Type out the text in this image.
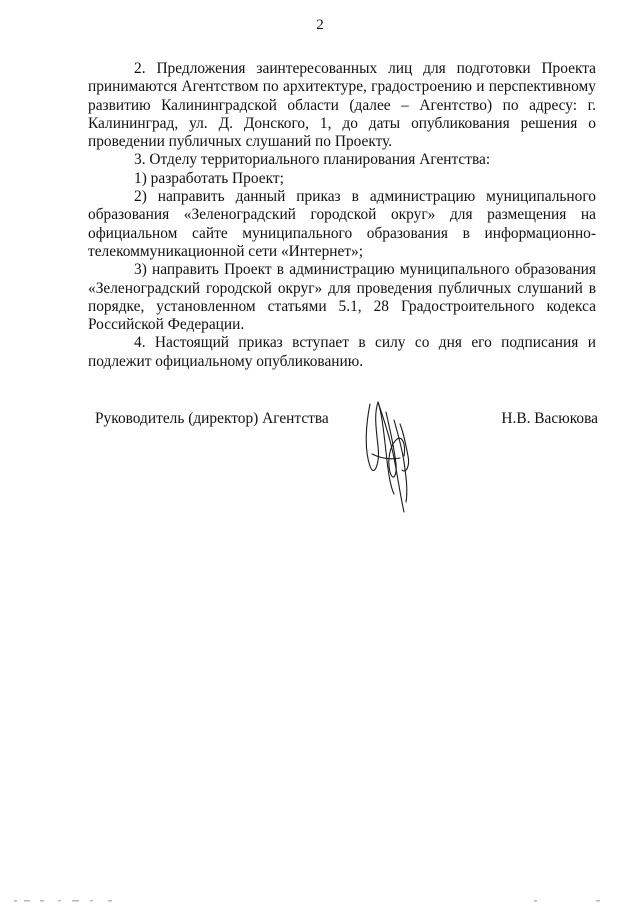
2

2. Предложения заинтересованных лиц для подготовки Проекта принимаются Агентством по архитектуре, градостроению и перспективному развитию Калининградской области (далее – Агентство) по адресу: г. Калининград, ул. Д. Донского, 1, до даты опубликования решения о проведении публичных слушаний по Проекту.

3. Отделу территориального планирования Агентства:

1) разработать Проект;

2) направить данный приказ в администрацию муниципального образования «Зеленоградский городской округ» для размещения на официальном сайте муниципального образования в информационно-телекоммуникационной сети «Интернет»;

3) направить Проект в администрацию муниципального образования «Зеленоградский городской округ» для проведения публичных слушаний в порядке, установленном статьями 5.1, 28 Градостроительного кодекса Российской Федерации.

4. Настоящий приказ вступает в силу со дня его подписания и подлежит официальному опубликованию.

Руководитель (директор) Агентства	Н.В. Васюкова
